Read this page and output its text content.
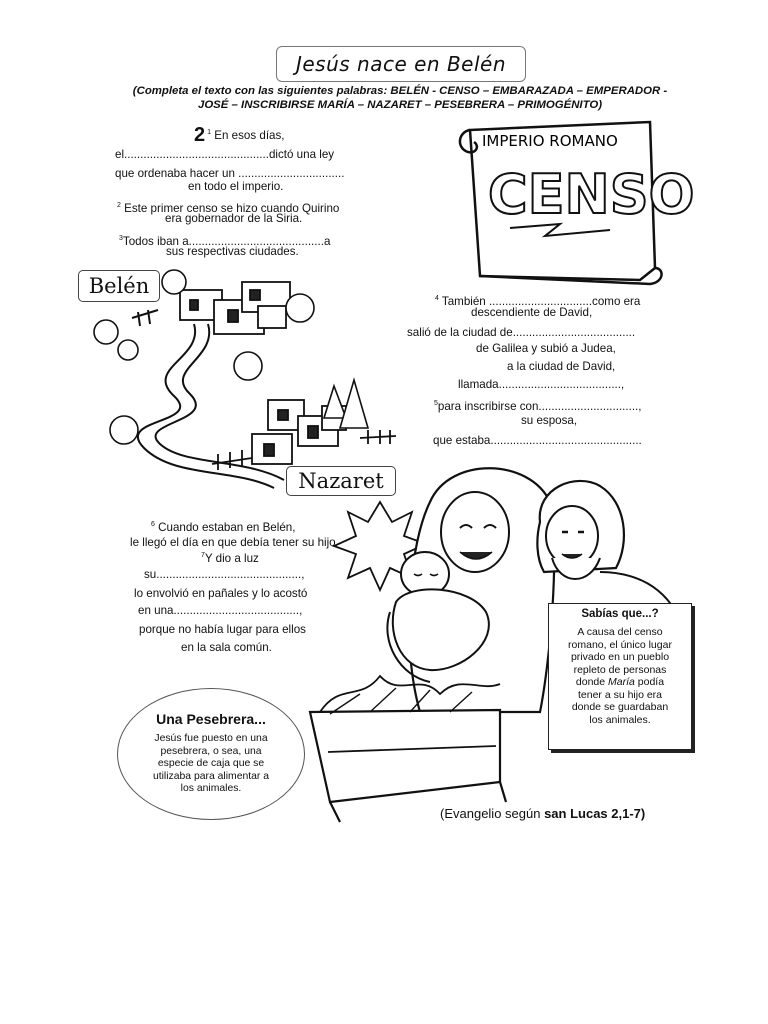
Jesús nace en Belén
(Completa el texto con las siguientes palabras: BELÉN - CENSO – EMBARAZADA – EMPERADOR -
JOSÉ – INSCRIBIRSE MARÍA – NAZARET – PESEBRERA – PRIMOGÉNITO)
2 $^1$ En esos días,
el.............................................dictó una ley
que ordenaba hacer un .................................
en todo el imperio.
$^2$ Este primer censo se hizo cuando Quirino
era gobernador de la Siria.
$^3$Todos iban a..........................................a
sus respectivas ciudades.
IMPERIO ROMANO
CENSO
Belén
Nazaret
$^4$ También ................................como era
descendiente de David,
salió de la ciudad de......................................
de Galilea y subió a Judea,
a la ciudad de David,
llamada......................................,
$^5$para inscribirse con...............................,
su esposa,
que estaba...............................................
$^6$ Cuando estaban en Belén,
le llegó el día en que debía tener su hijo.
$^7$Y dio a luz
su.............................................,
lo envolvió en pañales y lo acostó
en una.......................................,
porque no había lugar para ellos
en la sala común.
Sabías que...?
A causa del censo
romano, el único lugar
privado en un pueblo
repleto de personas
donde María podía
tener a su hijo era
donde se guardaban
los animales.
Una Pesebrera...
Jesús fue puesto en una
pesebrera, o sea, una
especie de caja que se
utilizaba para alimentar a
los animales.
(Evangelio según san Lucas 2,1-7)
